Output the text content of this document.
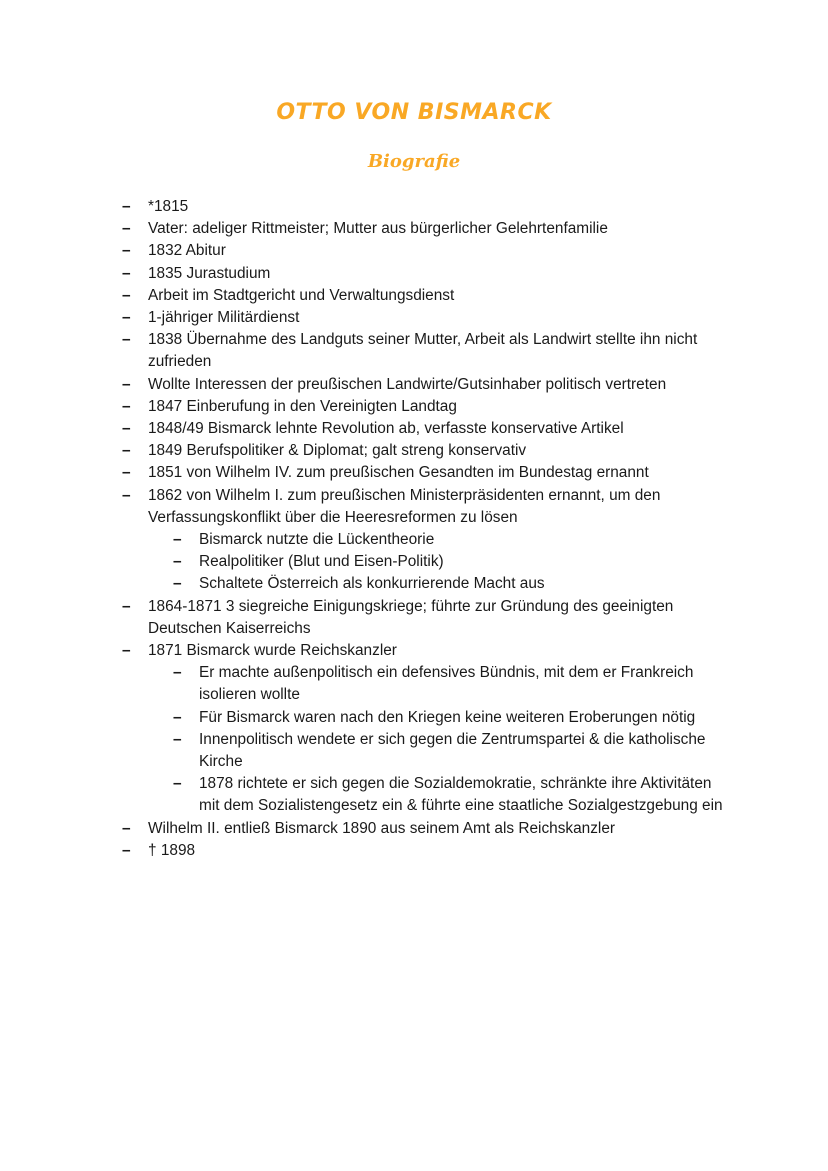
OTTO VON BISMARCK
Biografie
– *1815
– Vater: adeliger Rittmeister; Mutter aus bürgerlicher Gelehrtenfamilie
– 1832 Abitur
– 1835 Jurastudium
– Arbeit im Stadtgericht und Verwaltungsdienst
– 1-jähriger Militärdienst
– 1838 Übernahme des Landguts seiner Mutter, Arbeit als Landwirt stellte ihn nicht zufrieden
– Wollte Interessen der preußischen Landwirte/Gutsinhaber politisch vertreten
– 1847 Einberufung in den Vereinigten Landtag
– 1848/49 Bismarck lehnte Revolution ab, verfasste konservative Artikel
– 1849 Berufspolitiker & Diplomat; galt streng konservativ
– 1851 von Wilhelm IV. zum preußischen Gesandten im Bundestag ernannt
– 1862 von Wilhelm I. zum preußischen Ministerpräsidenten ernannt, um den Verfassungskonflikt über die Heeresreformen zu lösen
– Bismarck nutzte die Lückentheorie
– Realpolitiker (Blut und Eisen-Politik)
– Schaltete Österreich als konkurrierende Macht aus
– 1864-1871 3 siegreiche Einigungskriege; führte zur Gründung des geeinigten Deutschen Kaiserreichs
– 1871 Bismarck wurde Reichskanzler
– Er machte außenpolitisch ein defensives Bündnis, mit dem er Frankreich isolieren wollte
– Für Bismarck waren nach den Kriegen keine weiteren Eroberungen nötig
– Innenpolitisch wendete er sich gegen die Zentrumspartei & die katholische Kirche
– 1878 richtete er sich gegen die Sozialdemokratie, schränkte ihre Aktivitäten mit dem Sozialistengesetz ein & führte eine staatliche Sozialgestzgebung ein
– Wilhelm II. entließ Bismarck 1890 aus seinem Amt als Reichskanzler
– † 1898
